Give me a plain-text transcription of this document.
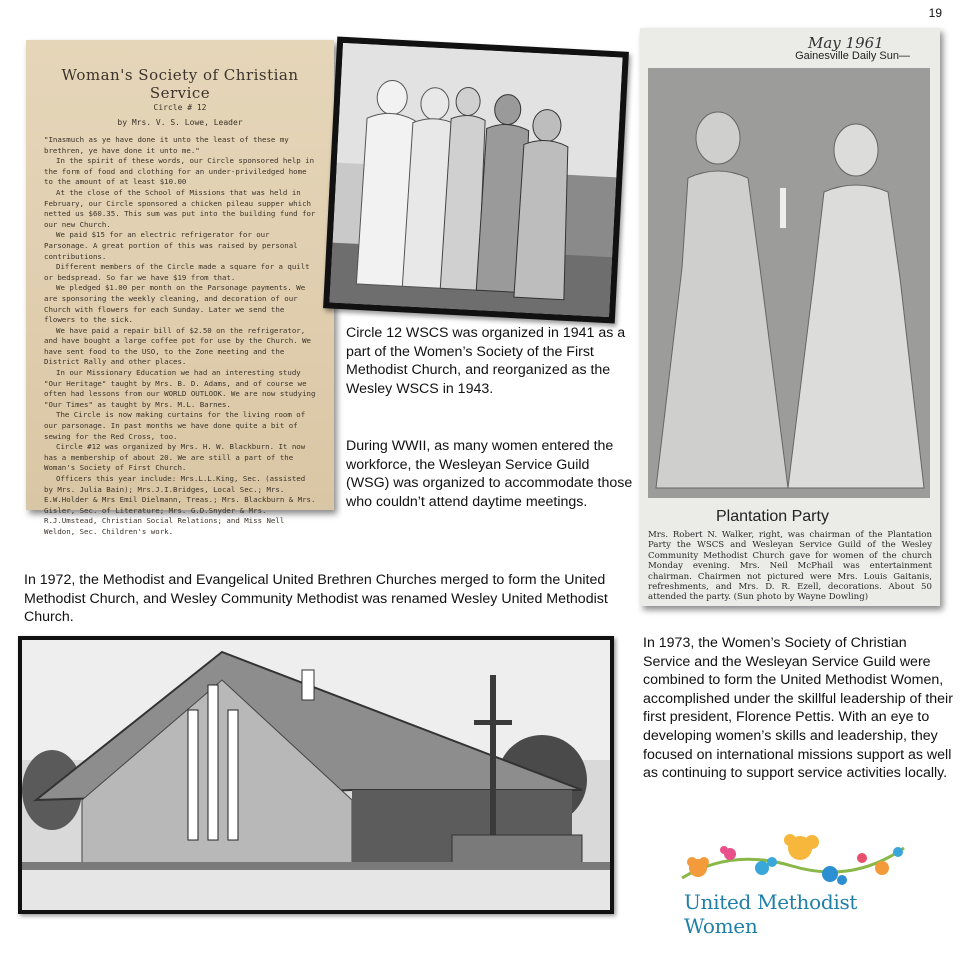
19
Woman's Society of Christian Service
Circle # 12
by Mrs. V. S. Lowe, Leader

"Inasmuch as ye have done it unto the least of these my brethren, ye have done it unto me."

In the spirit of these words, our Circle sponsored help in the form of food and clothing for an under-priviledged home to the amount of at least $10.00

At the close of the School of Missions that was held in February, our Circle sponsored a chicken pileau supper which netted us $60.35. This sum was put into the building fund for our new Church.

We paid $15 for an electric refrigerator for our Parsonage. A great portion of this was raised by personal contributions.

Different members of the Circle made a square for a quilt or bedspread. So far we have $19 from that.

We pledged $1.00 per month on the Parsonage payments. We are sponsoring the weekly cleaning, and decoration of our Church with flowers for each Sunday. Later we send the flowers to the sick.

We have paid a repair bill of $2.50 on the refrigerator, and have bought a large coffee pot for use by the Church. We have sent food to the USO, to the Zone meeting and the District Rally and other places.

In our Missionary Education we had an interesting study "Our Heritage" taught by Mrs. B. D. Adams, and of course we often had lessons from our WORLD OUTLOOK. We are now studying "Our Times" as taught by Mrs. M.L. Barnes.

The Circle is now making curtains for the living room of our parsonage. In past months we have done quite a bit of sewing for the Red Cross, too.

Circle #12 was organized by Mrs. H. W. Blackburn. It now has a membership of about 20. We are still a part of the Woman's Society of First Church.

Officers this year include: Mrs.L.L.King, Sec. (assisted by Mrs. Julia Bain); Mrs.J.I.Bridges, Local Sec.; Mrs. E.W.Holder & Mrs Emil Dielmann, Treas.; Mrs. Blackburn & Mrs. Gisler, Sec. of Literature; Mrs. G.D.Snyder & Mrs. R.J.Umstead, Christian Social Relations; and Miss Nell Weldon, Sec. Children's work.

May 1961
Gainesville Daily Sun—
Plantation Party
Mrs. Robert N. Walker, right, was chairman of the Plantation Party the WSCS and Wesleyan Service Guild of the Wesley Community Methodist Church gave for women of the church Monday evening. Mrs. Neil McPhail was entertainment chairman. Chairmen not pictured were Mrs. Louis Gaitanis, refreshments, and Mrs. D. R. Ezell, decorations. About 50 attended the party. (Sun photo by Wayne Dowling)
Circle 12 WSCS was organized in 1941 as a part of the Women’s Society of the First Methodist Church, and reorganized as the Wesley WSCS in 1943.
During WWII, as many women entered the workforce, the Wesleyan Service Guild (WSG) was organized to accommodate those who couldn’t attend daytime meetings.
In 1972, the Methodist and Evangelical United Brethren Churches merged to form the United Methodist Church, and Wesley Community Methodist was renamed Wesley United Methodist Church.
In 1973, the Women’s Society of Christian Service and the Wesleyan Service Guild were combined to form the United Methodist Women, accomplished under the skillful leadership of their first president, Florence Pettis. With an eye to developing women’s skills and leadership, they focused on international missions support as well as continuing to support service activities locally.
United Methodist Women
